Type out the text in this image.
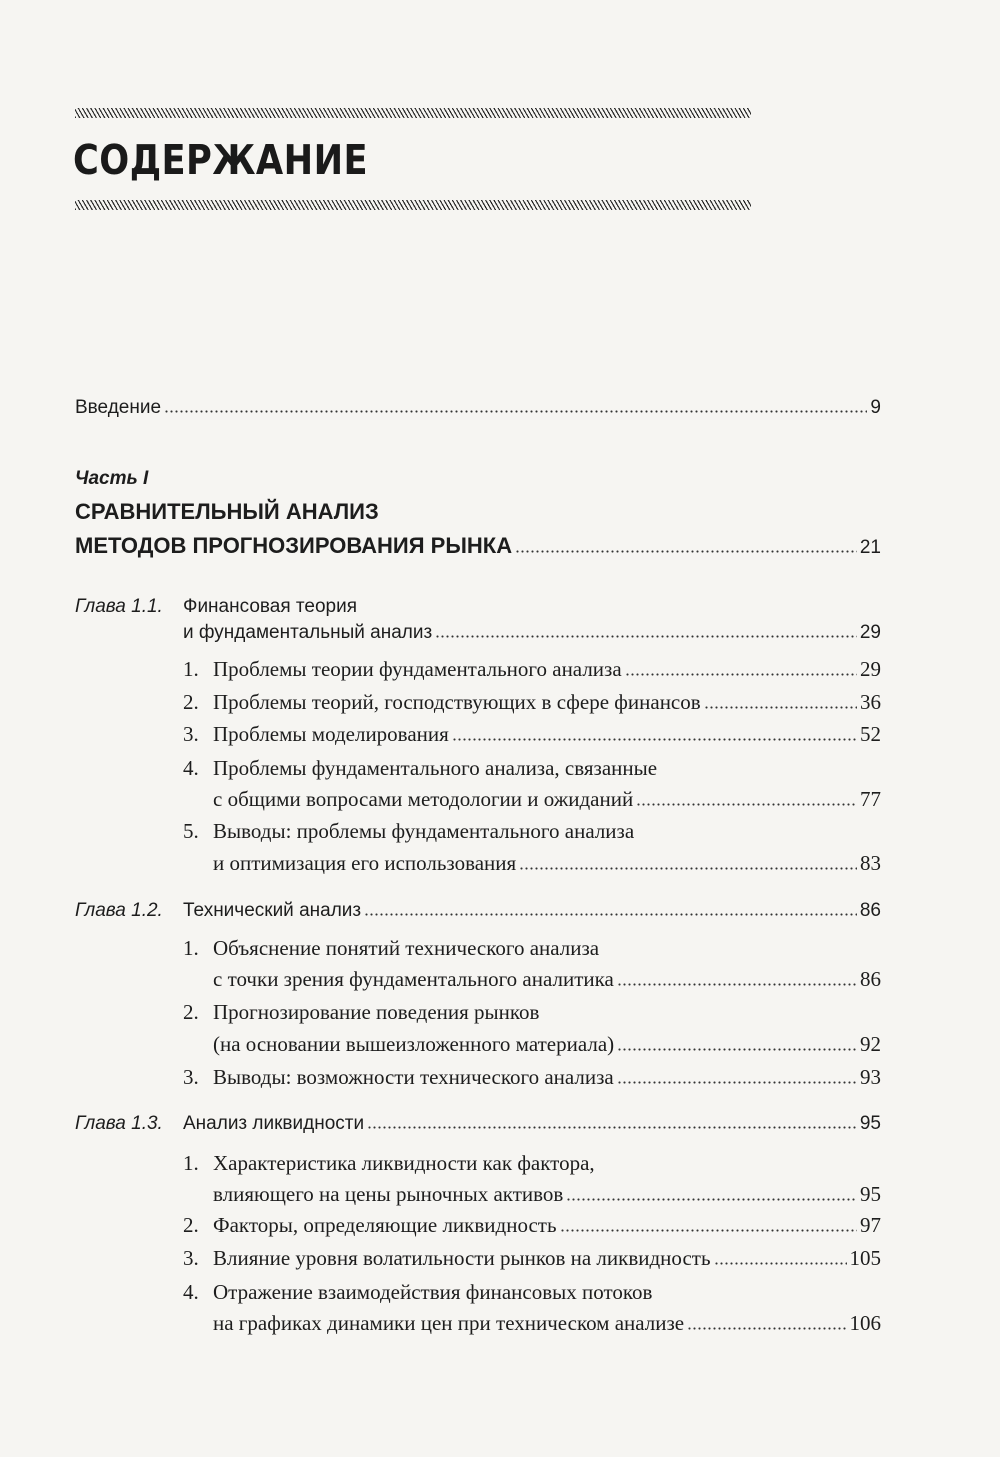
СОДЕРЖАНИЕ
Введение	9
Часть I
СРАВНИТЕЛЬНЫЙ АНАЛИЗ
МЕТОДОВ ПРОГНОЗИРОВАНИЯ РЫНКА	21
Глава 1.1. Финансовая теория
и фундаментальный анализ	29
1. Проблемы теории фундаментального анализа	29
2. Проблемы теорий, господствующих в сфере финансов	36
3. Проблемы моделирования	52
4. Проблемы фундаментального анализа, связанные
с общими вопросами методологии и ожиданий	77
5. Выводы: проблемы фундаментального анализа
и оптимизация его использования	83
Глава 1.2. Технический анализ	86
1. Объяснение понятий технического анализа
с точки зрения фундаментального аналитика	86
2. Прогнозирование поведения рынков
(на основании вышеизложенного материала)	92
3. Выводы: возможности технического анализа	93
Глава 1.3. Анализ ликвидности	95
1. Характеристика ликвидности как фактора,
влияющего на цены рыночных активов	95
2. Факторы, определяющие ликвидность	97
3. Влияние уровня волатильности рынков на ликвидность	105
4. Отражение взаимодействия финансовых потоков
на графиках динамики цен при техническом анализе	106
